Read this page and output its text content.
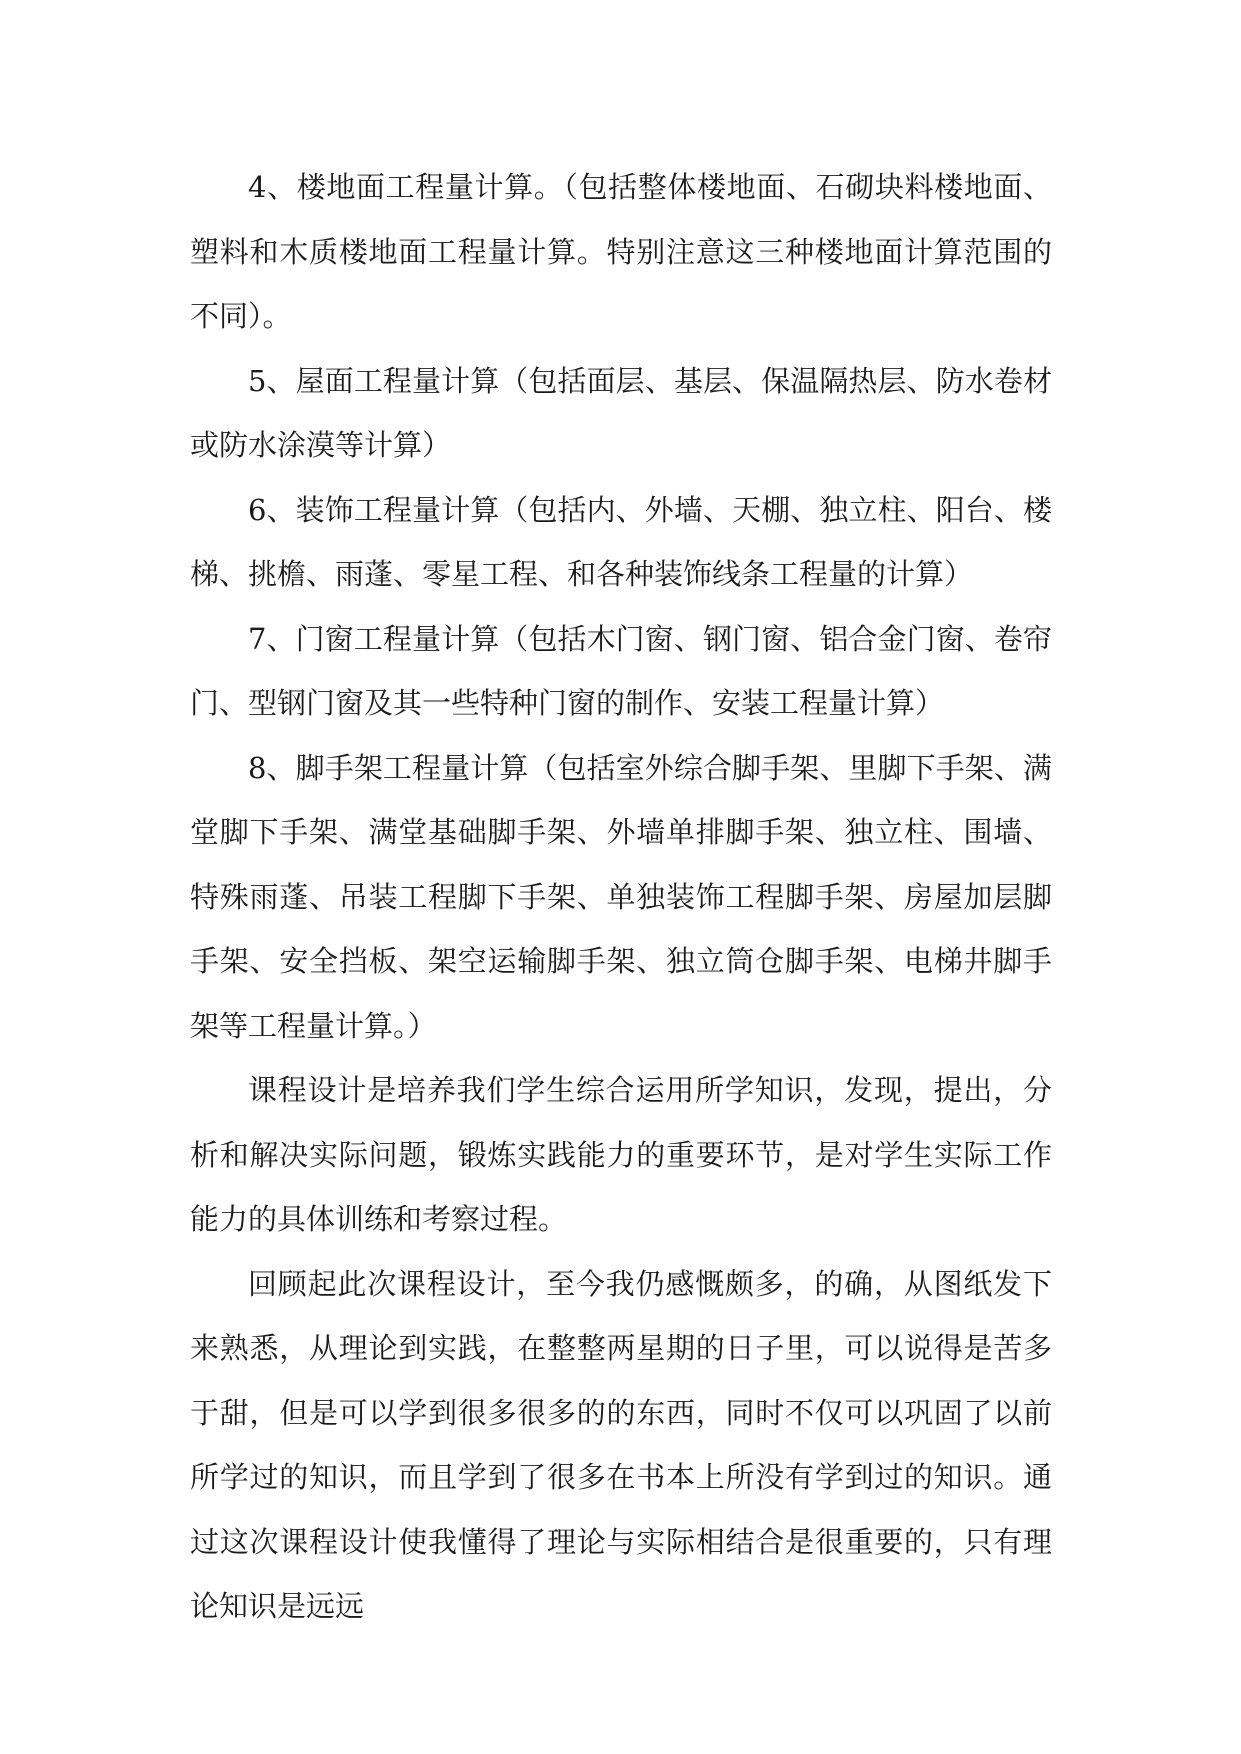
4、楼地面工程量计算。（包括整体楼地面、石砌块料楼地面、塑料和木质楼地面工程量计算。特别注意这三种楼地面计算范围的不同）。

5、屋面工程量计算（包括面层、基层、保温隔热层、防水卷材或防水涂漠等计算）

6、装饰工程量计算（包括内、外墙、天棚、独立柱、阳台、楼梯、挑檐、雨蓬、零星工程、和各种装饰线条工程量的计算）

7、门窗工程量计算（包括木门窗、钢门窗、铝合金门窗、卷帘门、型钢门窗及其一些特种门窗的制作、安装工程量计算）

8、脚手架工程量计算（包括室外综合脚手架、里脚下手架、满堂脚下手架、满堂基础脚手架、外墙单排脚手架、独立柱、围墙、特殊雨蓬、吊装工程脚下手架、单独装饰工程脚手架、房屋加层脚手架、安全挡板、架空运输脚手架、独立筒仓脚手架、电梯井脚手架等工程量计算。）

课程设计是培养我们学生综合运用所学知识，发现，提出，分析和解决实际问题，锻炼实践能力的重要环节，是对学生实际工作能力的具体训练和考察过程。

回顾起此次课程设计，至今我仍感慨颇多，的确，从图纸发下来熟悉，从理论到实践，在整整两星期的日子里，可以说得是苦多于甜，但是可以学到很多很多的的东西，同时不仅可以巩固了以前所学过的知识，而且学到了很多在书本上所没有学到过的知识。通过这次课程设计使我懂得了理论与实际相结合是很重要的，只有理论知识是远远
